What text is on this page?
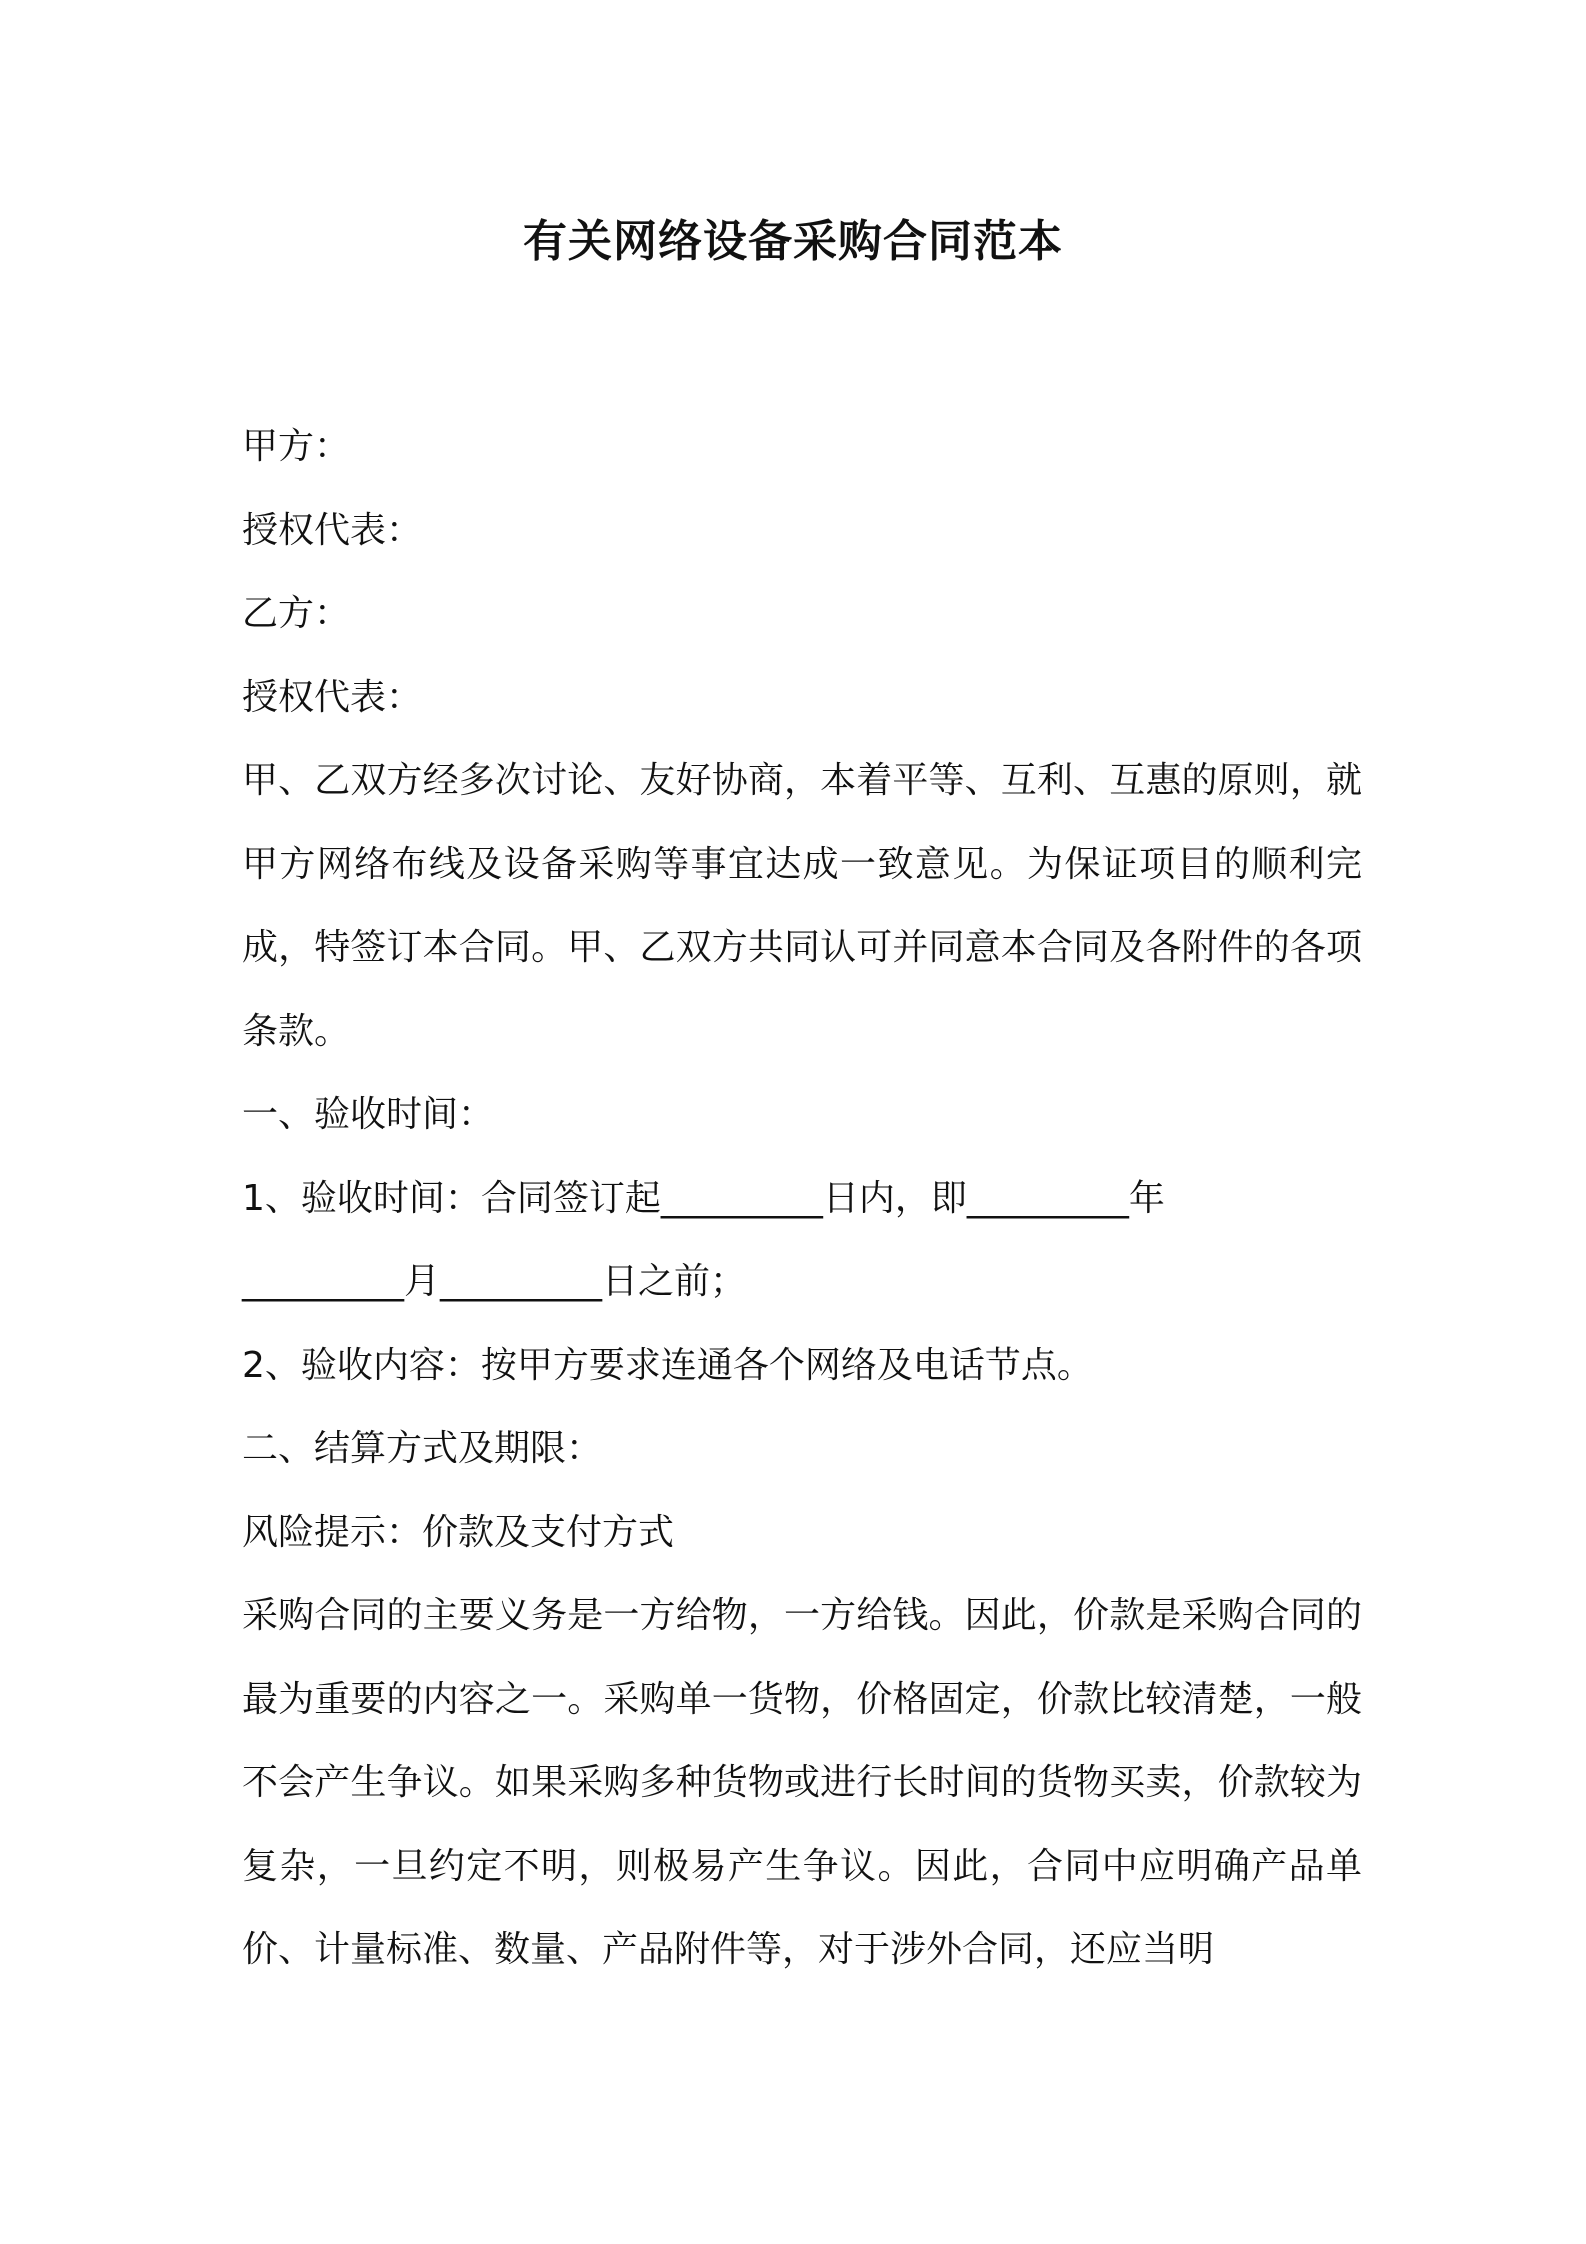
有关网络设备采购合同范本

甲方：

授权代表：

乙方：

授权代表：

甲、乙双方经多次讨论、友好协商，本着平等、互利、互惠的原则，就甲方网络布线及设备采购等事宜达成一致意见。为保证项目的顺利完成，特签订本合同。甲、乙双方共同认可并同意本合同及各附件的各项条款。

一、验收时间：

1、验收时间：合同签订起_________日内，即_________年

_________月_________日之前；

2、验收内容：按甲方要求连通各个网络及电话节点。

二、结算方式及期限：

风险提示：价款及支付方式

采购合同的主要义务是一方给物，一方给钱。因此，价款是采购合同的最为重要的内容之一。采购单一货物，价格固定，价款比较清楚，一般不会产生争议。如果采购多种货物或进行长时间的货物买卖，价款较为复杂，一旦约定不明，则极易产生争议。因此，合同中应明确产品单价、计量标准、数量、产品附件等，对于涉外合同，还应当明
